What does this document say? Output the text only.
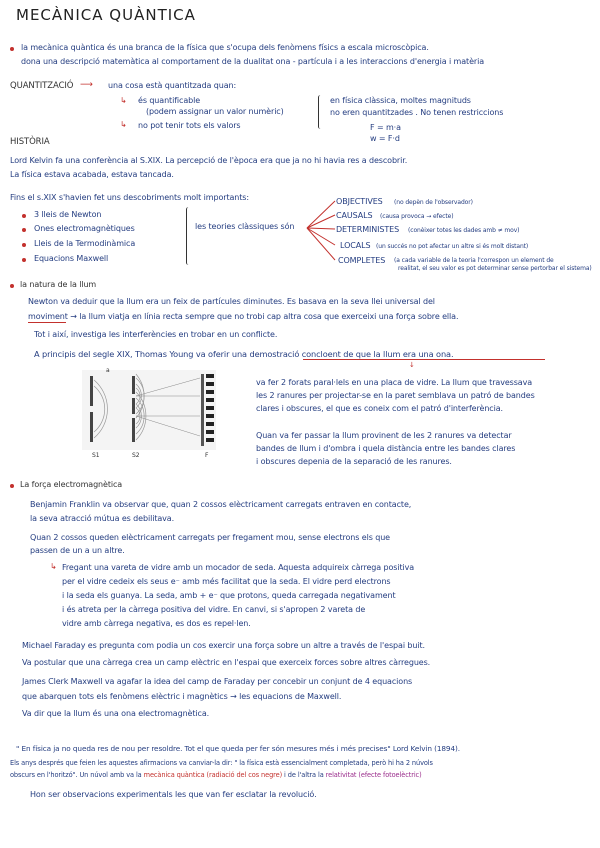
MECÀNICA QUÀNTICA
la mecànica quàntica és una branca de la física que s'ocupa dels fenòmens físics a escala microscòpica.
dona una descripció matemàtica al comportament de la dualitat ona - partícula i a les interaccions d'energia i matèria
QUANTITZACIÓ ⟶ una cosa està quantitzada quan:
↳ és quantificable
(podem assignar un valor numèric)
↳ no pot tenir tots els valors
en física clàssica, moltes magnituds
no eren quantitzades . No tenen restriccions
F = m·a
w = F·d
HISTÒRIA
Lord Kelvin fa una conferència al S.XIX. La percepció de l'època era que ja no hi havia res a descobrir.
La física estava acabada, estava tancada.
Fins el s.XIX s'havien fet uns descobriments molt importants:
3 lleis de Newton
Ones electromagnètiques
Lleis de la Termodinàmica
Equacions Maxwell
les teories clàssiques són
OBJECTIVES (no depèn de l'observador)
CAUSALS (causa provoca → efecte)
DETERMINISTES (conèixer totes les dades amb ≠ mov)
LOCALS (un succés no pot afectar un altre si és molt distant)
COMPLETES (a cada variable de la teoria l'correspon un element de
realitat, el seu valor es pot determinar sense pertorbar el sistema)
la natura de la llum
Newton va deduir que la llum era un feix de partícules diminutes. Es basava en la seva llei universal del
moviment → la llum viatja en línia recta sempre que no trobi cap altra cosa que exerceixi una força sobre ella.
Tot i així, investiga les interferències en trobar en un conflicte.
A principis del segle XIX, Thomas Young va oferir una demostració concloent de que la llum era una ona.
↓
S1	S2	F
a
va fer 2 forats paral·lels en una placa de vidre. La llum que travessava
les 2 ranures per projectar-se en la paret semblava un patró de bandes
clares i obscures, el que es coneix com el patró d'interferència.
Quan va fer passar la llum provinent de les 2 ranures va detectar
bandes de llum i d'ombra i quela distància entre les bandes clares
i obscures depenia de la separació de les ranures.
La força electromagnètica
Benjamin Franklin va observar que, quan 2 cossos elèctricament carregats entraven en contacte,
la seva atracció mútua es debilitava.
Quan 2 cossos queden elèctricament carregats per fregament mou, sense electrons els que
passen de un a un altre.
↳ Fregant una vareta de vidre amb un mocador de seda. Aquesta adquireix càrrega positiva
per el vidre cedeix els seus e⁻ amb més facilitat que la seda. El vidre perd electrons
i la seda els guanya. La seda, amb + e⁻ que protons, queda carregada negativament
i és atreta per la càrrega positiva del vidre. En canvi, si s'apropen 2 vareta de
vidre amb càrrega negativa, es dos es repel·len.
Michael Faraday es pregunta com podia un cos exercir una força sobre un altre a través de l'espai buit.
Va postular que una càrrega crea un camp elèctric en l'espai que exerceix forces sobre altres càrregues.
James Clerk Maxwell va agafar la idea del camp de Faraday per concebir un conjunt de 4 equacions
que abarquen tots els fenòmens elèctric i magnètics → les equacions de Maxwell.
Va dir que la llum és una ona electromagnètica.
" En física ja no queda res de nou per resoldre. Tot el que queda per fer són mesures més i més precises" Lord Kelvin (1894).
Els anys després que feien les aquestes afirmacions va canviar-la dir: " la física està essencialment completada, però hi ha 2 núvols
obscurs en l'horitzó". Un núvol amb va la mecànica quàntica (radiació del cos negre) i de l'altra la relativitat (efecte fotoelèctric)
Hon ser observacions experimentals les que van fer esclatar la revolució.
